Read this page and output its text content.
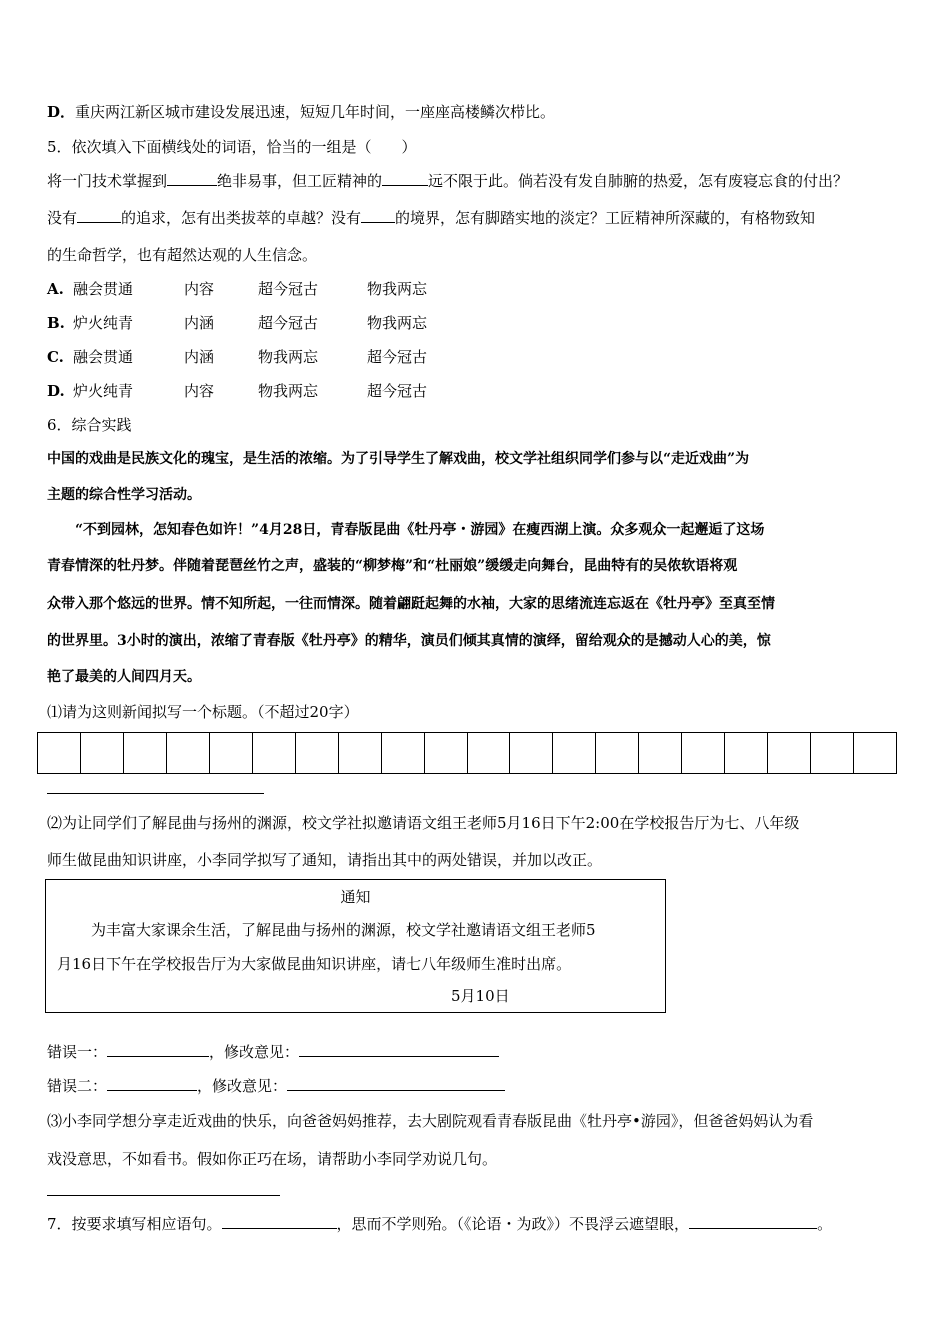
D．重庆两江新区城市建设发展迅速，短短几年时间，一座座高楼鳞次栉比。
5．依次填入下面横线处的词语，恰当的一组是（　　）
将一门技术掌握到	绝非易事，但工匠精神的	远不限于此。倘若没有发自肺腑的热爱，怎有废寝忘食的付出？
没有	的追求，怎有出类拔萃的卓越？没有 的境界，怎有脚踏实地的淡定？工匠精神所深藏的，有格物致知
的生命哲学，也有超然达观的人生信念。
A. 融会贯通	内容	超今冠古	物我两忘
B. 炉火纯青	内涵	超今冠古	物我两忘
C. 融会贯通	内涵	物我两忘	超今冠古
D. 炉火纯青	内容	物我两忘	超今冠古
6．综合实践
中国的戏曲是民族文化的瑰宝，是生活的浓缩。为了引导学生了解戏曲，校文学社组织同学们参与以“走近戏曲”为
主题的综合性学习活动。
“不到园林，怎知春色如许！”4月28日，青春版昆曲《牡丹亭・游园》在瘦西湖上演。众多观众一起邂逅了这场
青春情深的牡丹梦。伴随着琵琶丝竹之声，盛装的“柳梦梅”和“杜丽娘”缓缓走向舞台，昆曲特有的吴侬软语将观
众带入那个悠远的世界。情不知所起，一往而情深。随着翩跹起舞的水袖，大家的思绪流连忘返在《牡丹亭》至真至情
的世界里。3小时的演出，浓缩了青春版《牡丹亭》的精华，演员们倾其真情的演绎，留给观众的是撼动人心的美，惊
艳了最美的人间四月天。
⑴请为这则新闻拟写一个标题。（不超过20字）
⑵为让同学们了解昆曲与扬州的渊源，校文学社拟邀请语文组王老师5月16日下午2:00在学校报告厅为七、八年级
师生做昆曲知识讲座，小李同学拟写了通知，请指出其中的两处错误，并加以改正。
通知
为丰富大家课余生活，了解昆曲与扬州的渊源，校文学社邀请语文组王老师5
月16日下午在学校报告厅为大家做昆曲知识讲座，请七八年级师生准时出席。
5月10日
错误一：	，修改意见：
错误二：	，修改意见：
⑶小李同学想分享走近戏曲的快乐，向爸爸妈妈推荐，去大剧院观看青春版昆曲《牡丹亭•游园》，但爸爸妈妈认为看
戏没意思，不如看书。假如你正巧在场，请帮助小李同学劝说几句。
7．按要求填写相应语句。	，思而不学则殆。（《论语・为政》）不畏浮云遮望眼，	。
